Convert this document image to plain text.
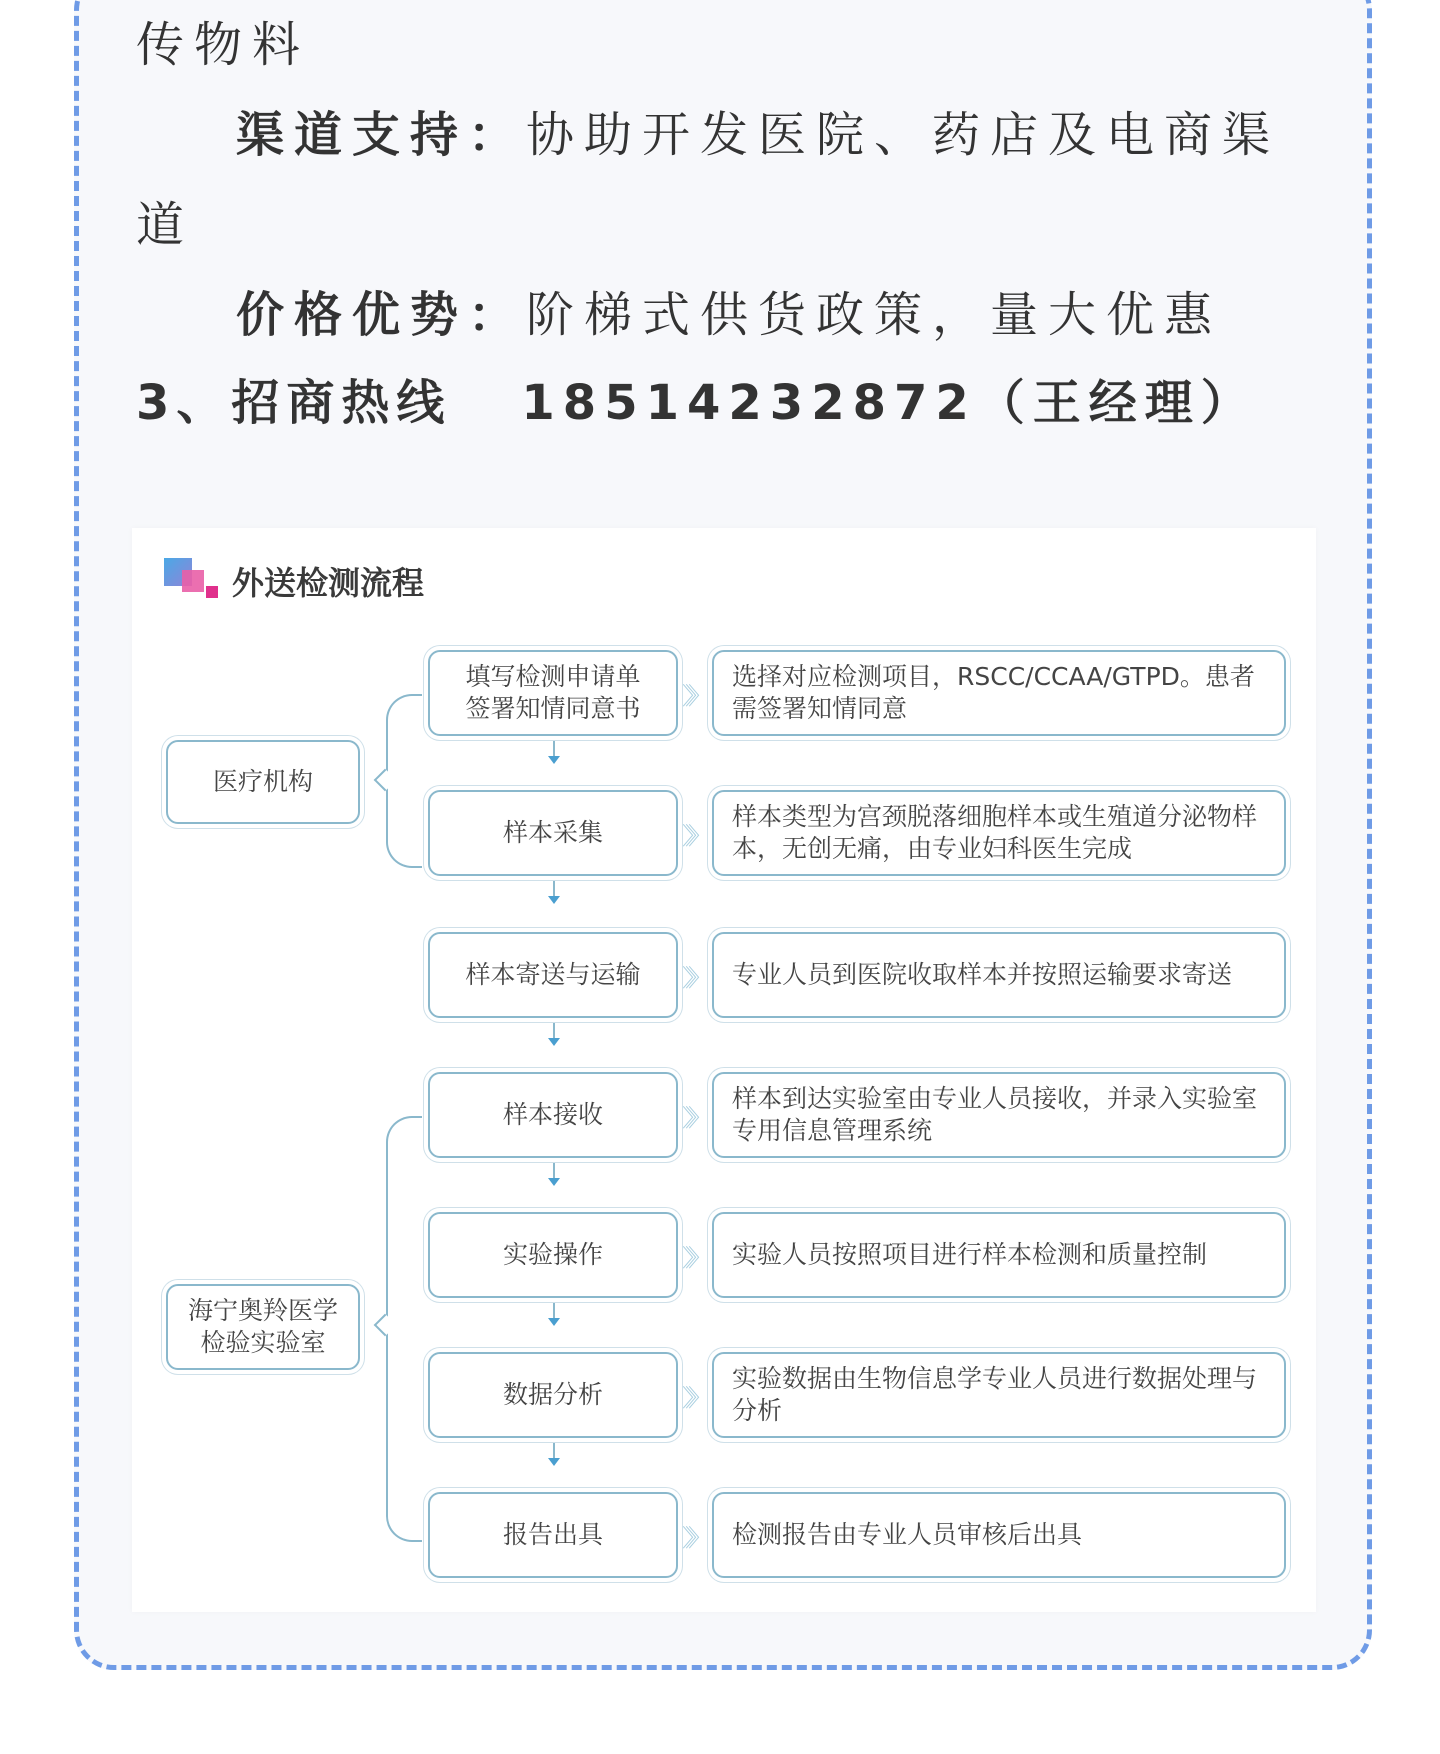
传物料
渠道支持：协助开发医院、药店及电商渠
道
价格优势：阶梯式供货政策，量大优惠
3、招商热线 18514232872（王经理）
外送检测流程
医疗机构
海宁奥羚医学
检验实验室
填写检测申请单
签署知情同意书	〉〉〉
选择对应检测项目，RSCC/CCAA/GTPD。患者需签署知情同意
样本采集	〉〉〉
样本类型为宫颈脱落细胞样本或生殖道分泌物样本，无创无痛，由专业妇科医生完成
样本寄送与运输	〉〉〉	专业人员到医院收取样本并按照运输要求寄送
样本接收	〉〉〉
样本到达实验室由专业人员接收，并录入实验室专用信息管理系统
实验操作	〉〉〉	实验人员按照项目进行样本检测和质量控制
数据分析	〉〉〉
实验数据由生物信息学专业人员进行数据处理与分析
报告出具	〉〉〉	检测报告由专业人员审核后出具
